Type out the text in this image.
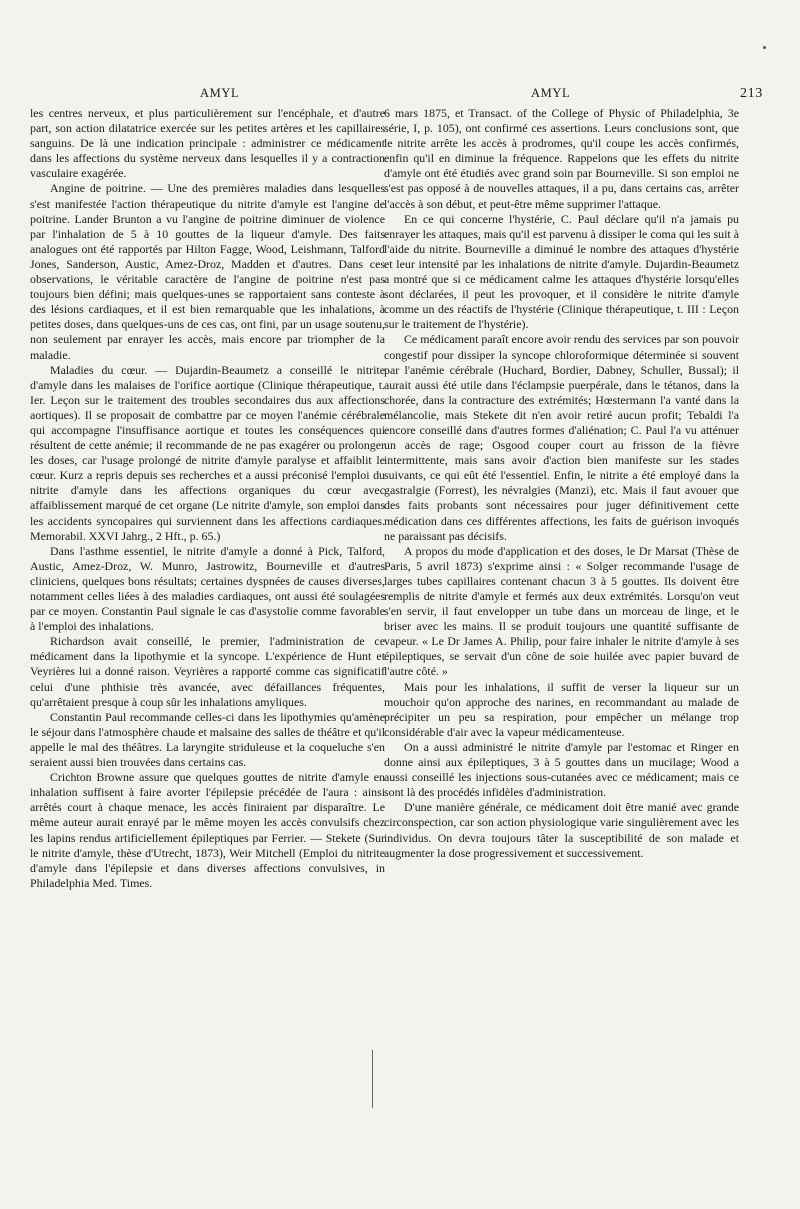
AMYL	AMYL	213

les centres nerveux, et plus particulièrement sur l'encéphale, et d'autre part, son action dilatatrice exercée sur les petites artères et les capillaires sanguins. De là une indication principale : administrer ce médicament dans les affections du système nerveux dans lesquelles il y a contraction vasculaire exagérée.

Angine de poitrine. — Une des premières maladies dans lesquelles s'est manifestée l'action thérapeutique du nitrite d'amyle est l'angine de poitrine. Lander Brunton a vu l'angine de poitrine diminuer de violence par l'inhalation de 5 à 10 gouttes de la liqueur d'amyle. Des faits analogues ont été rapportés par Hilton Fagge, Wood, Leishmann, Talford Jones, Sanderson, Austic, Amez-Droz, Madden et d'autres. Dans ces observations, le véritable caractère de l'angine de poitrine n'est pas toujours bien défini; mais quelques-unes se rapportaient sans conteste à des lésions cardiaques, et il est bien remarquable que les inhalations, à petites doses, dans quelques-uns de ces cas, ont fini, par un usage soutenu, non seulement par enrayer les accès, mais encore par triompher de la maladie.

Maladies du cœur. — Dujardin-Beaumetz a conseillé le nitrite d'amyle dans les malaises de l'orifice aortique (Clinique thérapeutique, t. Ier. Leçon sur le traitement des troubles secondaires dus aux affections aortiques). Il se proposait de combattre par ce moyen l'anémie cérébrale qui accompagne l'insuffisance aortique et toutes les conséquences qui résultent de cette anémie; il recommande de ne pas exagérer ou prolonger les doses, car l'usage prolongé de nitrite d'amyle paralyse et affaiblit le cœur. Kurz a repris depuis ses recherches et a aussi préconisé l'emploi du nitrite d'amyle dans les affections organiques du cœur avec affaiblissement marqué de cet organe (Le nitrite d'amyle, son emploi dans les accidents syncopaires qui surviennent dans les affections cardiaques. Memorabil. XXVI Jahrg., 2 Hft., p. 65.)

Dans l'asthme essentiel, le nitrite d'amyle a donné à Pick, Talford, Austic, Amez-Droz, W. Munro, Jastrowitz, Bourneville et d'autres cliniciens, quelques bons résultats; certaines dyspnées de causes diverses, notamment celles liées à des maladies cardiaques, ont aussi été soulagées par ce moyen. Constantin Paul signale le cas d'asystolie comme favorable à l'emploi des inhalations.

Richardson avait conseillé, le premier, l'administration de ce médicament dans la lipothymie et la syncope. L'expérience de Hunt et Veyrières lui a donné raison. Veyrières a rapporté comme cas significatif celui d'une phthisie très avancée, avec défaillances fréquentes, qu'arrêtaient presque à coup sûr les inhalations amyliques.

Constantin Paul recommande celles-ci dans les lipothymies qu'amène le séjour dans l'atmosphère chaude et malsaine des salles de théâtre et qu'il appelle le mal des théâtres. La laryngite striduleuse et la coqueluche s'en seraient aussi bien trouvées dans certains cas.

Crichton Browne assure que quelques gouttes de nitrite d'amyle en inhalation suffisent à faire avorter l'épilepsie précédée de l'aura : ainsi arrêtés court à chaque menace, les accès finiraient par disparaître. Le même auteur aurait enrayé par le même moyen les accès convulsifs chez les lapins rendus artificiellement épileptiques par Ferrier. — Stekete (Sur le nitrite d'amyle, thèse d'Utrecht, 1873), Weir Mitchell (Emploi du nitrite d'amyle dans l'épilepsie et dans diverses affections convulsives, in Philadelphia Med. Times.

6 mars 1875, et Transact. of the College of Physic of Philadelphia, 3e série, I, p. 105), ont confirmé ces assertions. Leurs conclusions sont, que le nitrite arrête les accès à prodromes, qu'il coupe les accès confirmés, enfin qu'il en diminue la fréquence. Rappelons que les effets du nitrite d'amyle ont été étudiés avec grand soin par Bourneville. Si son emploi ne s'est pas opposé à de nouvelles attaques, il a pu, dans certains cas, arrêter l'accès à son début, et peut-être même supprimer l'attaque.

En ce qui concerne l'hystérie, C. Paul déclare qu'il n'a jamais pu enrayer les attaques, mais qu'il est parvenu à dissiper le coma qui les suit à l'aide du nitrite. Bourneville a diminué le nombre des attaques d'hystérie et leur intensité par les inhalations de nitrite d'amyle. Dujardin-Beaumetz a montré que si ce médicament calme les attaques d'hystérie lorsqu'elles sont déclarées, il peut les provoquer, et il considère le nitrite d'amyle comme un des réactifs de l'hystérie (Clinique thérapeutique, t. III : Leçon sur le traitement de l'hystérie).

Ce médicament paraît encore avoir rendu des services par son pouvoir congestif pour dissiper la syncope chloroformique déterminée si souvent par l'anémie cérébrale (Huchard, Bordier, Dabney, Schuller, Bussal); il aurait aussi été utile dans l'éclampsie puerpérale, dans le tétanos, dans la chorée, dans la contracture des extrémités; Hœstermann l'a vanté dans la mélancolie, mais Stekete dit n'en avoir retiré aucun profit; Tebaldi l'a encore conseillé dans d'autres formes d'aliénation; C. Paul l'a vu atténuer un accès de rage; Osgood couper court au frisson de la fièvre intermittente, mais sans avoir d'action bien manifeste sur les stades suivants, ce qui eût été l'essentiel. Enfin, le nitrite a été employé dans la gastralgie (Forrest), les névralgies (Manzi), etc. Mais il faut avouer que des faits probants sont nécessaires pour juger définitivement cette médication dans ces différentes affections, les faits de guérison invoqués ne paraissant pas décisifs.

A propos du mode d'application et des doses, le Dr Marsat (Thèse de Paris, 5 avril 1873) s'exprime ainsi : « Solger recommande l'usage de larges tubes capillaires contenant chacun 3 à 5 gouttes. Ils doivent être remplis de nitrite d'amyle et fermés aux deux extrémités. Lorsqu'on veut s'en servir, il faut envelopper un tube dans un morceau de linge, et le briser avec les mains. Il se produit toujours une quantité suffisante de vapeur. « Le Dr James A. Philip, pour faire inhaler le nitrite d'amyle à ses épileptiques, se servait d'un cône de soie huilée avec papier buvard de l'autre côté. »

Mais pour les inhalations, il suffit de verser la liqueur sur un mouchoir qu'on approche des narines, en recommandant au malade de précipiter un peu sa respiration, pour empêcher un mélange trop considérable d'air avec la vapeur médicamenteuse.

On a aussi administré le nitrite d'amyle par l'estomac et Ringer en donne ainsi aux épileptiques, 3 à 5 gouttes dans un mucilage; Wood a aussi conseillé les injections sous-cutanées avec ce médicament; mais ce sont là des procédés infidèles d'administration.

D'une manière générale, ce médicament doit être manié avec grande circonspection, car son action physiologique varie singulièrement avec les individus. On devra toujours tâter la susceptibilité de son malade et augmenter la dose progressivement et successivement.
